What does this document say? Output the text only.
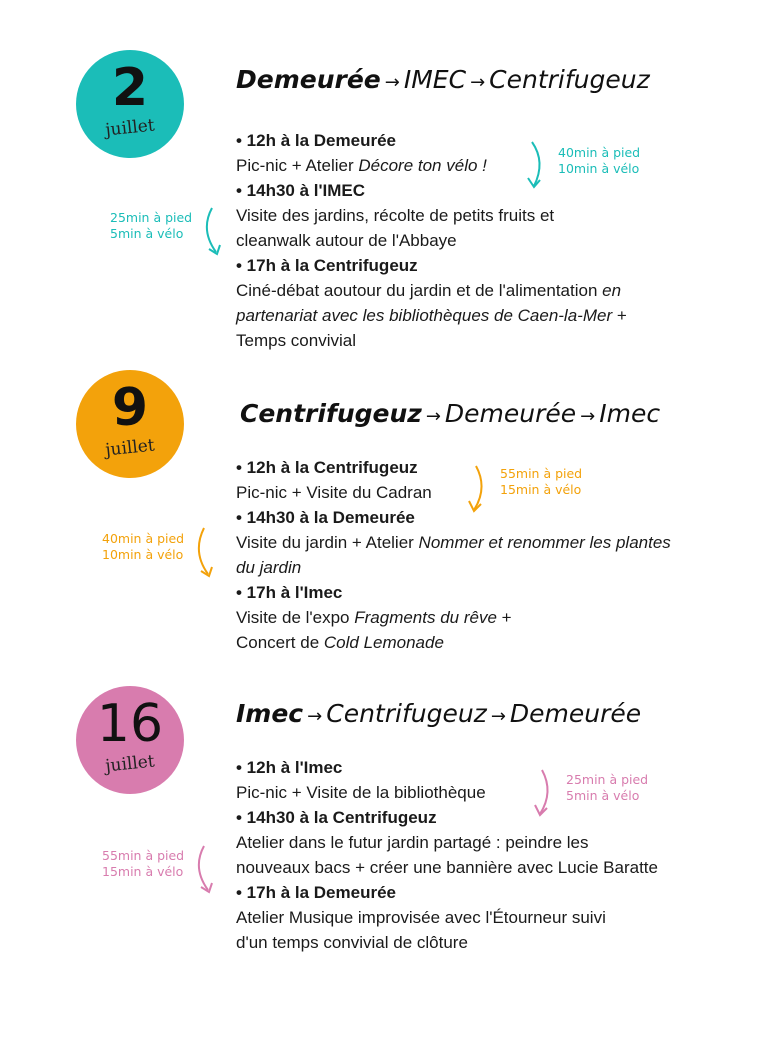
2
juillet
Demeurée → IMEC → Centrifugeuz
• 12h à la Demeurée
Pic-nic + Atelier Décore ton vélo !
• 14h30 à l'IMEC
Visite des jardins, récolte de petits fruits et cleanwalk autour de l'Abbaye
• 17h à la Centrifugeuz
Ciné-débat aoutour du jardin et de l'alimentation en partenariat avec les bibliothèques de Caen-la-Mer + Temps convivial
40min à pied
10min à vélo
25min à pied
5min à vélo
9
juillet
Centrifugeuz → Demeurée → Imec
• 12h à la Centrifugeuz
Pic-nic + Visite du Cadran
• 14h30 à la Demeurée
Visite du jardin + Atelier Nommer et renommer les plantes du jardin
• 17h à l'Imec
Visite de l'expo Fragments du rêve +
Concert de Cold Lemonade
55min à pied
15min à vélo
40min à pied
10min à vélo
16
juillet
Imec → Centrifugeuz → Demeurée
• 12h à l'Imec
Pic-nic + Visite de la bibliothèque
• 14h30 à la Centrifugeuz
Atelier dans le futur jardin partagé : peindre les nouveaux bacs + créer une bannière avec Lucie Baratte
• 17h à la Demeurée
Atelier Musique improvisée avec l'Étourneur suivi d'un temps convivial de clôture
25min à pied
5min à vélo
55min à pied
15min à vélo
